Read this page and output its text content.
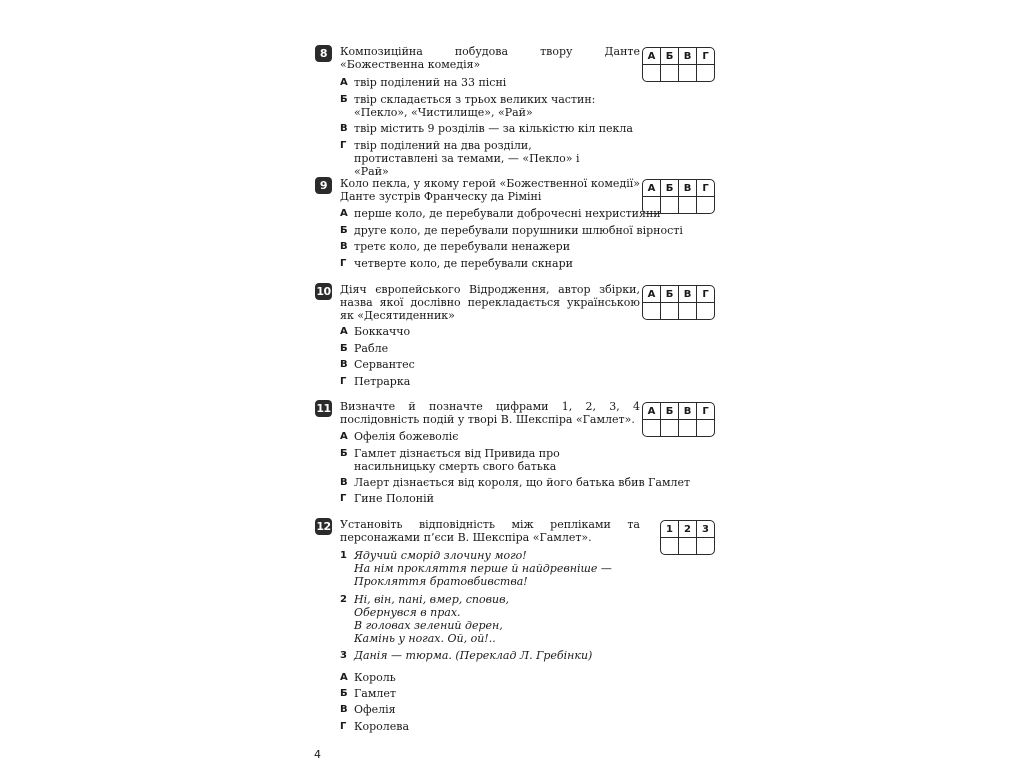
8	Композиційна побудова твору Данте «Божественна комедія»
А	Б	В	Г

А твір поділений на 33 пісні
Б твір складається з трьох великих частин: «Пекло», «Чистилище», «Рай»
В твір містить 9 розділів — за кількістю кіл пекла
Г твір поділений на два розділи, протиставлені за темами, — «Пекло» і «Рай»
9	Коло пекла, у якому герой «Божественної комедії» Данте зустрів Франческу да Ріміні
А	Б	В	Г

А перше коло, де перебували доброчесні нехристияни
Б друге коло, де перебували порушники шлюбної вірності
В третє коло, де перебували ненажери
Г четверте коло, де перебували скнари
10 Діяч європейського Відродження, автор збірки, назва якої дослівно перекладається українською як «Десятиденник»
А	Б	В	Г

А Боккаччо
Б Рабле
В Сервантес
Г Петрарка
11 Визначте й позначте цифрами 1, 2, 3, 4 послідовність подій у творі В. Шекспіра «Гамлет».
А	Б	В	Г

А Офелія божеволіє
Б Гамлет дізнається від Привида про насильницьку смерть свого батька
В Лаерт дізнається від короля, що його батька вбив Гамлет
Г Гине Полоній
12 Установіть відповідність між репліками та персонажами п’єси В. Шекспіра «Гамлет».
1	2	3

1 Ядучий сморід злочину мого!
На нім прокляття перше й найдревніше —
Прокляття братовбивства!
2 Ні, він, пані, вмер, сповив,
Обернувся в прах.
В головах зелений дерен,
Камінь у ногах. Ой, ой!..
3 Данія — тюрма. (Переклад Л. Гребінки)
А Король
Б Гамлет
В Офелія
Г Королева
4
